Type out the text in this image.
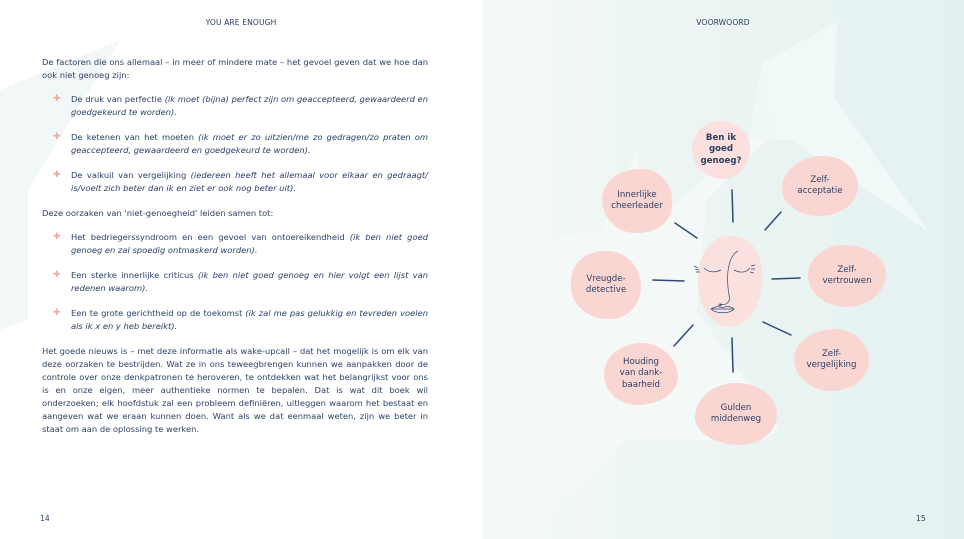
YOU ARE ENOUGH

De factoren die ons allemaal – in meer of mindere mate – het gevoel geven dat we hoe dan ook niet genoeg zijn:

✚ De druk van perfectie (ik moet (bijna) perfect zijn om geaccepteerd, gewaardeerd en goedgekeurd te worden).
✚ De ketenen van het moeten (ik moet er zo uitzien/me zo gedragen/zo praten om geaccepteerd, gewaardeerd en goedgekeurd te worden).
✚ De valkuil van vergelijking (iedereen heeft het allemaal voor elkaar en gedraagt/ is/voelt zich beter dan ik en ziet er ook nog beter uit).

Deze oorzaken van 'niet-genoegheid' leiden samen tot:

✚ Het bedriegerssyndroom en een gevoel van ontoereikendheid (ik ben niet goed genoeg en zal spoedig ontmaskerd worden).
✚ Een sterke innerlijke criticus (ik ben niet goed genoeg en hier volgt een lijst van redenen waarom).
✚ Een te grote gerichtheid op de toekomst (ik zal me pas gelukkig en tevreden voelen als ik x en y heb bereikt).

Het goede nieuws is – met deze informatie als wake-upcall – dat het mogelijk is om elk van deze oorzaken te bestrijden. Wat ze in ons teweegbrengen kunnen we aanpakken door de controle over onze denkpatronen te heroveren, te ontdekken wat het belangrijkst voor ons is en onze eigen, meer authentieke normen te bepalen. Dat is wat dit boek wil onderzoeken; elk hoofdstuk zal een probleem definiëren, uitleggen waarom het bestaat en aangeven wat we eraan kunnen doen. Want als we dat eenmaal weten, zijn we beter in staat om aan de oplossing te werken.

14
VOORWOORD
Ben ik
goed
genoeg?
Zelf-
acceptatie
Zelf-
vertrouwen
Zelf-
vergelijking
Gulden
middenweg
Houding
van dank-
baarheid
Vreugde-
detective
Innerlijke
cheerleader
15
